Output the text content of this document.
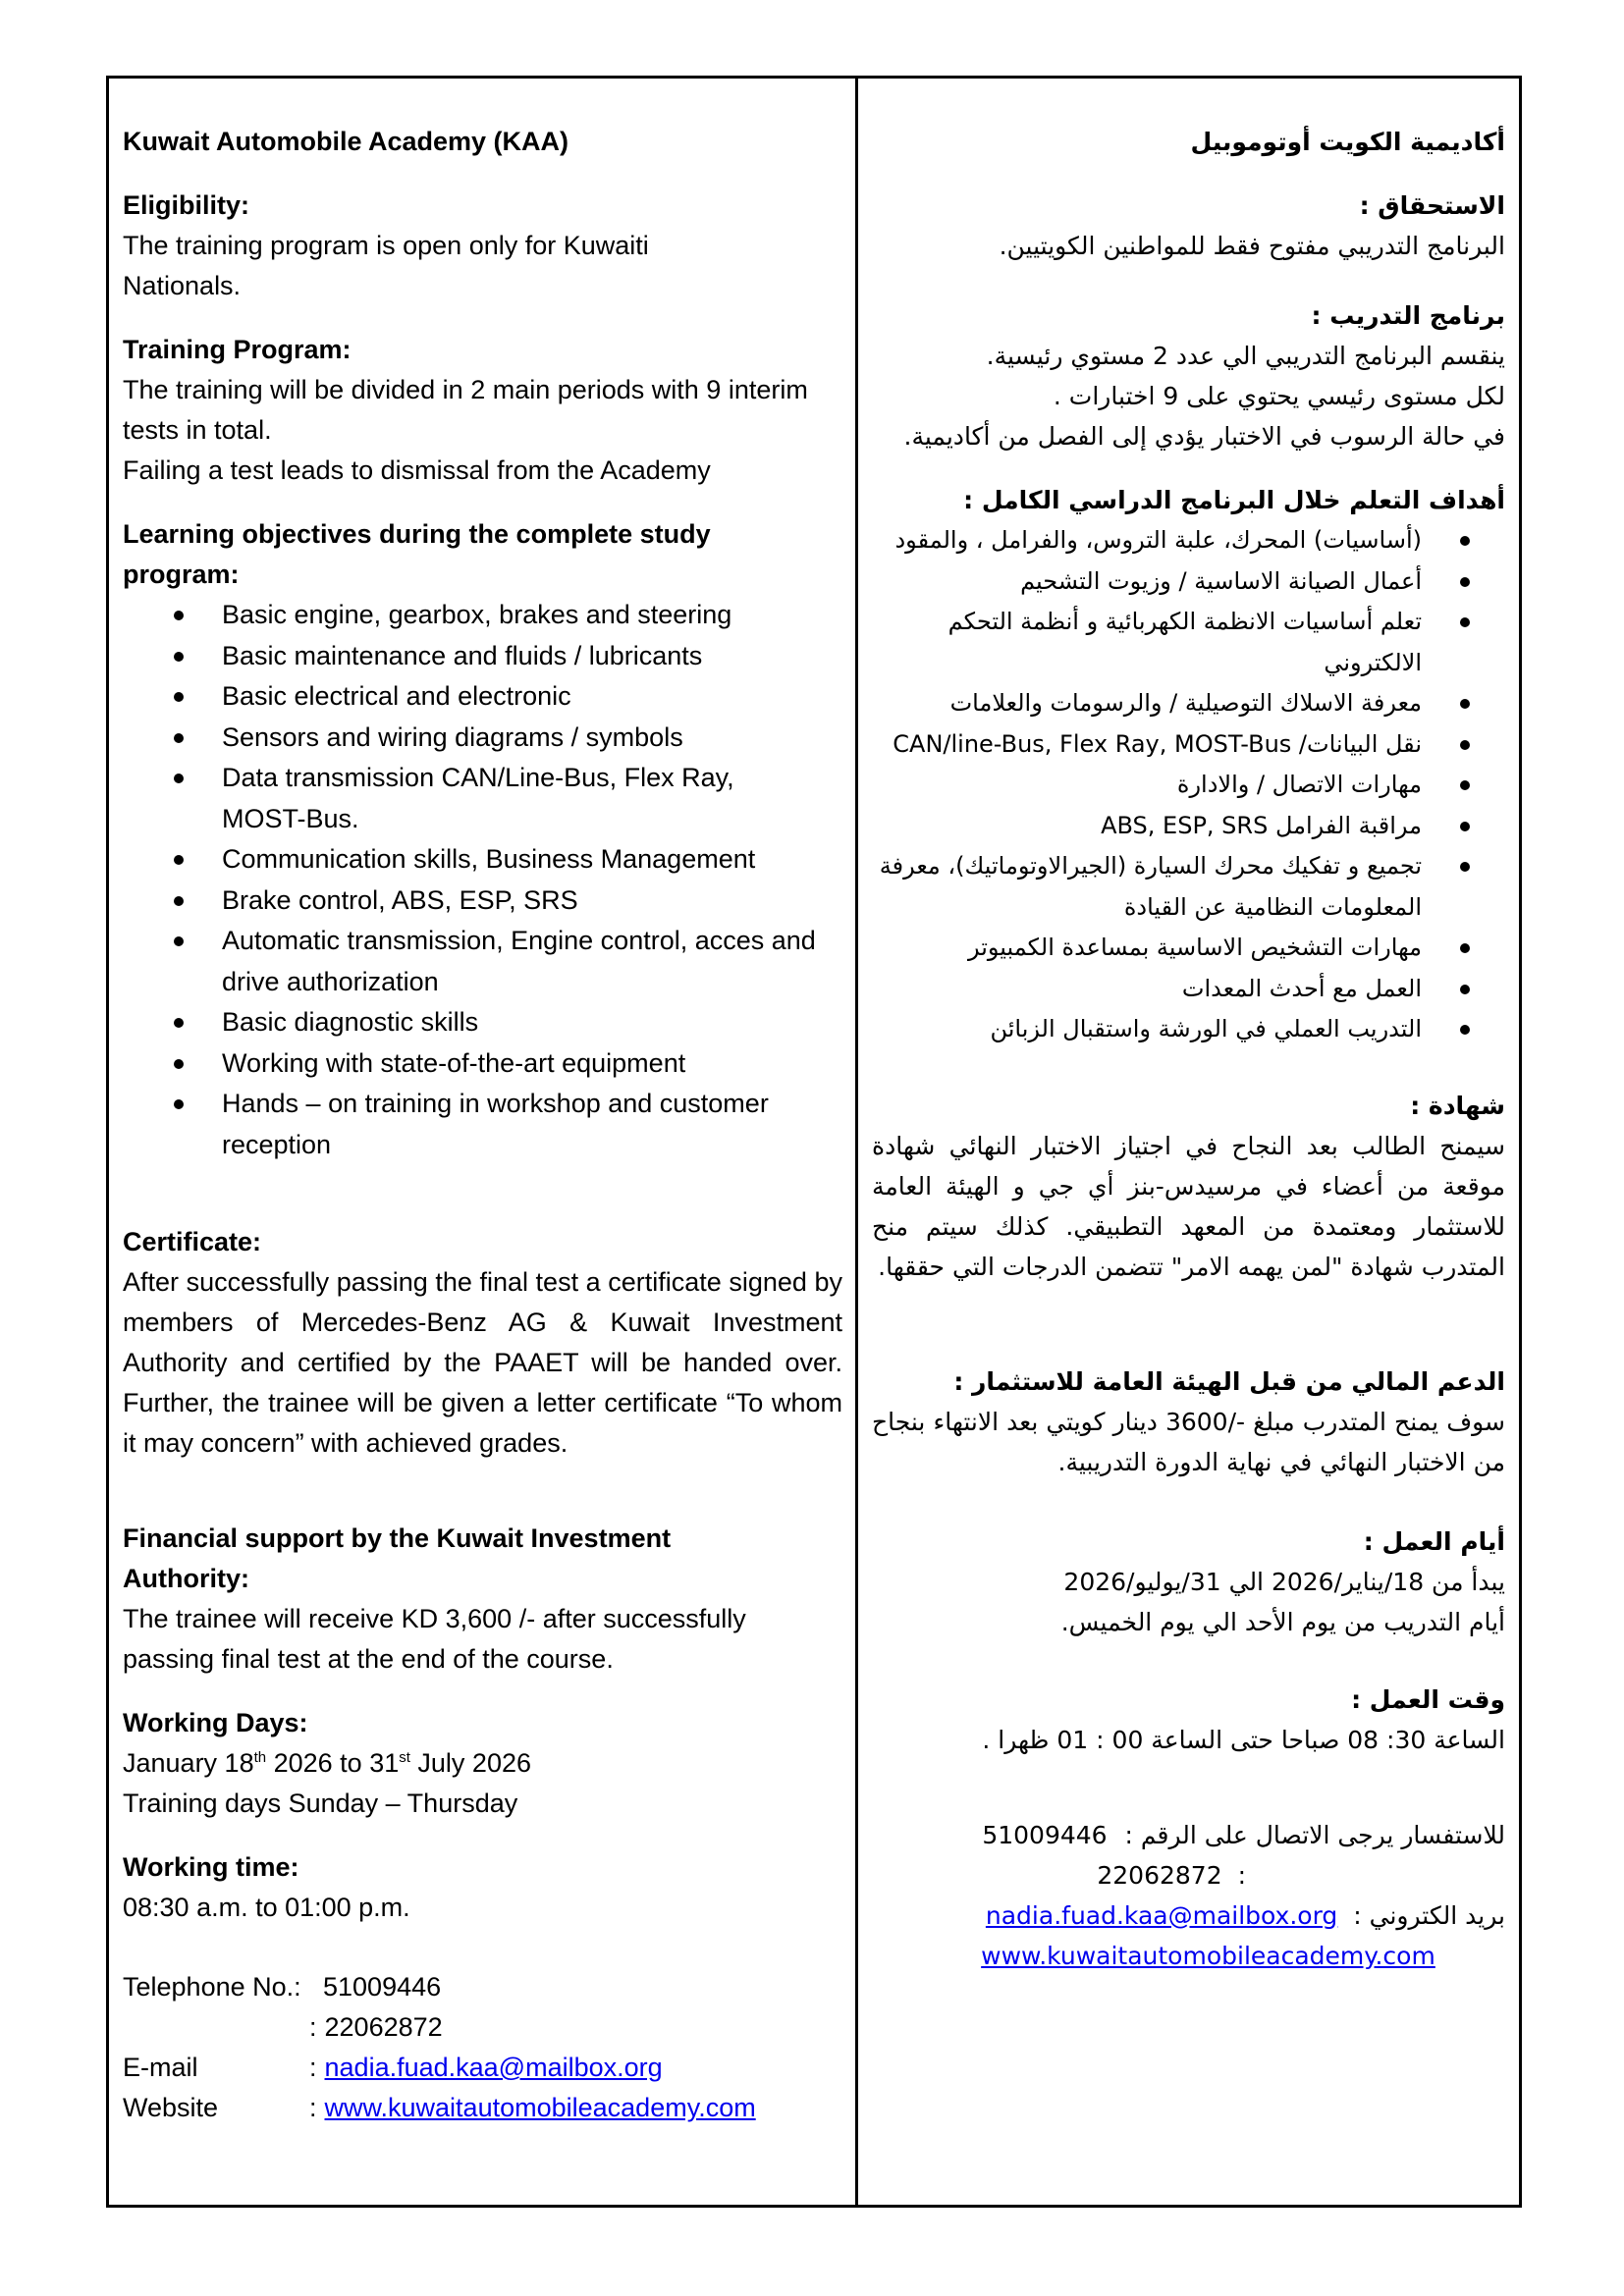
Kuwait Automobile Academy (KAA)

Eligibility:

The training program is open only for Kuwaiti Nationals.

Training Program:

The training will be divided in 2 main periods with 9 interim tests in total.

Failing a test leads to dismissal from the Academy

Learning objectives during the complete study program:

Basic engine, gearbox, brakes and steering
Basic maintenance and fluids / lubricants
Basic electrical and electronic
Sensors and wiring diagrams / symbols
Data transmission CAN/Line-Bus, Flex Ray, MOST-Bus.
Communication skills, Business Management
Brake control, ABS, ESP, SRS
Automatic transmission, Engine control, acces and drive authorization
Basic diagnostic skills
Working with state-of-the-art equipment
Hands – on training in workshop and customer reception

Certificate:

After successfully passing the final test a certificate signed by members of Mercedes-Benz AG & Kuwait Investment Authority and certified by the PAAET will be handed over. Further, the trainee will be given a letter certificate “To whom it may concern” with achieved grades.

Financial support by the Kuwait Investment Authority:

The trainee will receive KD 3,600 /- after successfully passing final test at the end of the course.

Working Days:

January 18th 2026 to 31st July 2026

Training days Sunday – Thursday

Working time:

08:30 a.m. to 01:00 p.m.

Telephone No.: 51009446
: 22062872
E-mail	: nadia.fuad.kaa@mailbox.org
Website	: www.kuwaitautomobileacademy.com

أكاديمية الكويت أوتوموبيل

الاستحقاق :

البرنامج التدريبي مفتوح فقط للمواطنين الكويتيين.

برنامج التدريب :

ينقسم البرنامج التدريبي الي عدد 2 مستوي رئيسية.

لكل مستوى رئيسي يحتوي على 9 اختبارات .

في حالة الرسوب في الاختبار يؤدي إلى الفصل من أكاديمية.

أهداف التعلم خلال البرنامج الدراسي الكامل :

(أساسيات) المحرك، علبة التروس، والفرامل ، والمقود
أعمال الصيانة الاساسية / وزيوت التشحيم
تعلم أساسيات الانظمة الكهربائية و أنظمة التحكم الالكتروني
معرفة الاسلاك التوصيلية / والرسومات والعلامات
نقل البيانات/ CAN/line-Bus, Flex Ray, MOST-Bus
مهارات الاتصال / والادارة
مراقبة الفرامل ABS, ESP, SRS
تجميع و تفكيك محرك السيارة (الجيرالاوتوماتيك)، معرفة المعلومات النظامية عن القيادة
مهارات التشخيص الاساسية بمساعدة الكمبيوتر
العمل مع أحدث المعدات
التدريب العملي في الورشة واستقبال الزبائن

شهادة :

سيمنح الطالب بعد النجاح في اجتياز الاختبار النهائي شهادة موقعة من أعضاء في مرسيدس-بنز أي جي و الهيئة العامة للاستثمار ومعتمدة من المعهد التطبيقي. كذلك سيتم منح المتدرب شهادة "لمن يهمه الامر" تتضمن الدرجات التي حققها.

الدعم المالي من قبل الهيئة العامة للاستثمار :

سوف يمنح المتدرب مبلغ -/3600 دينار كويتي بعد الانتهاء بنجاح من الاختبار النهائي في نهاية الدورة التدريبية.

أيام العمل :

يبدأ من 18/يناير/2026 الي 31/يوليو/2026

أيام التدريب من يوم الأحد الي يوم الخميس.

وقت العمل :

الساعة 30: 08 صباحا حتى الساعة 00 : 01 ظهرا .

للاستفسار يرجى الاتصال على الرقم : 51009446

: 22062872

بريد الكتروني : nadia.fuad.kaa@mailbox.org

www.kuwaitautomobileacademy.com
